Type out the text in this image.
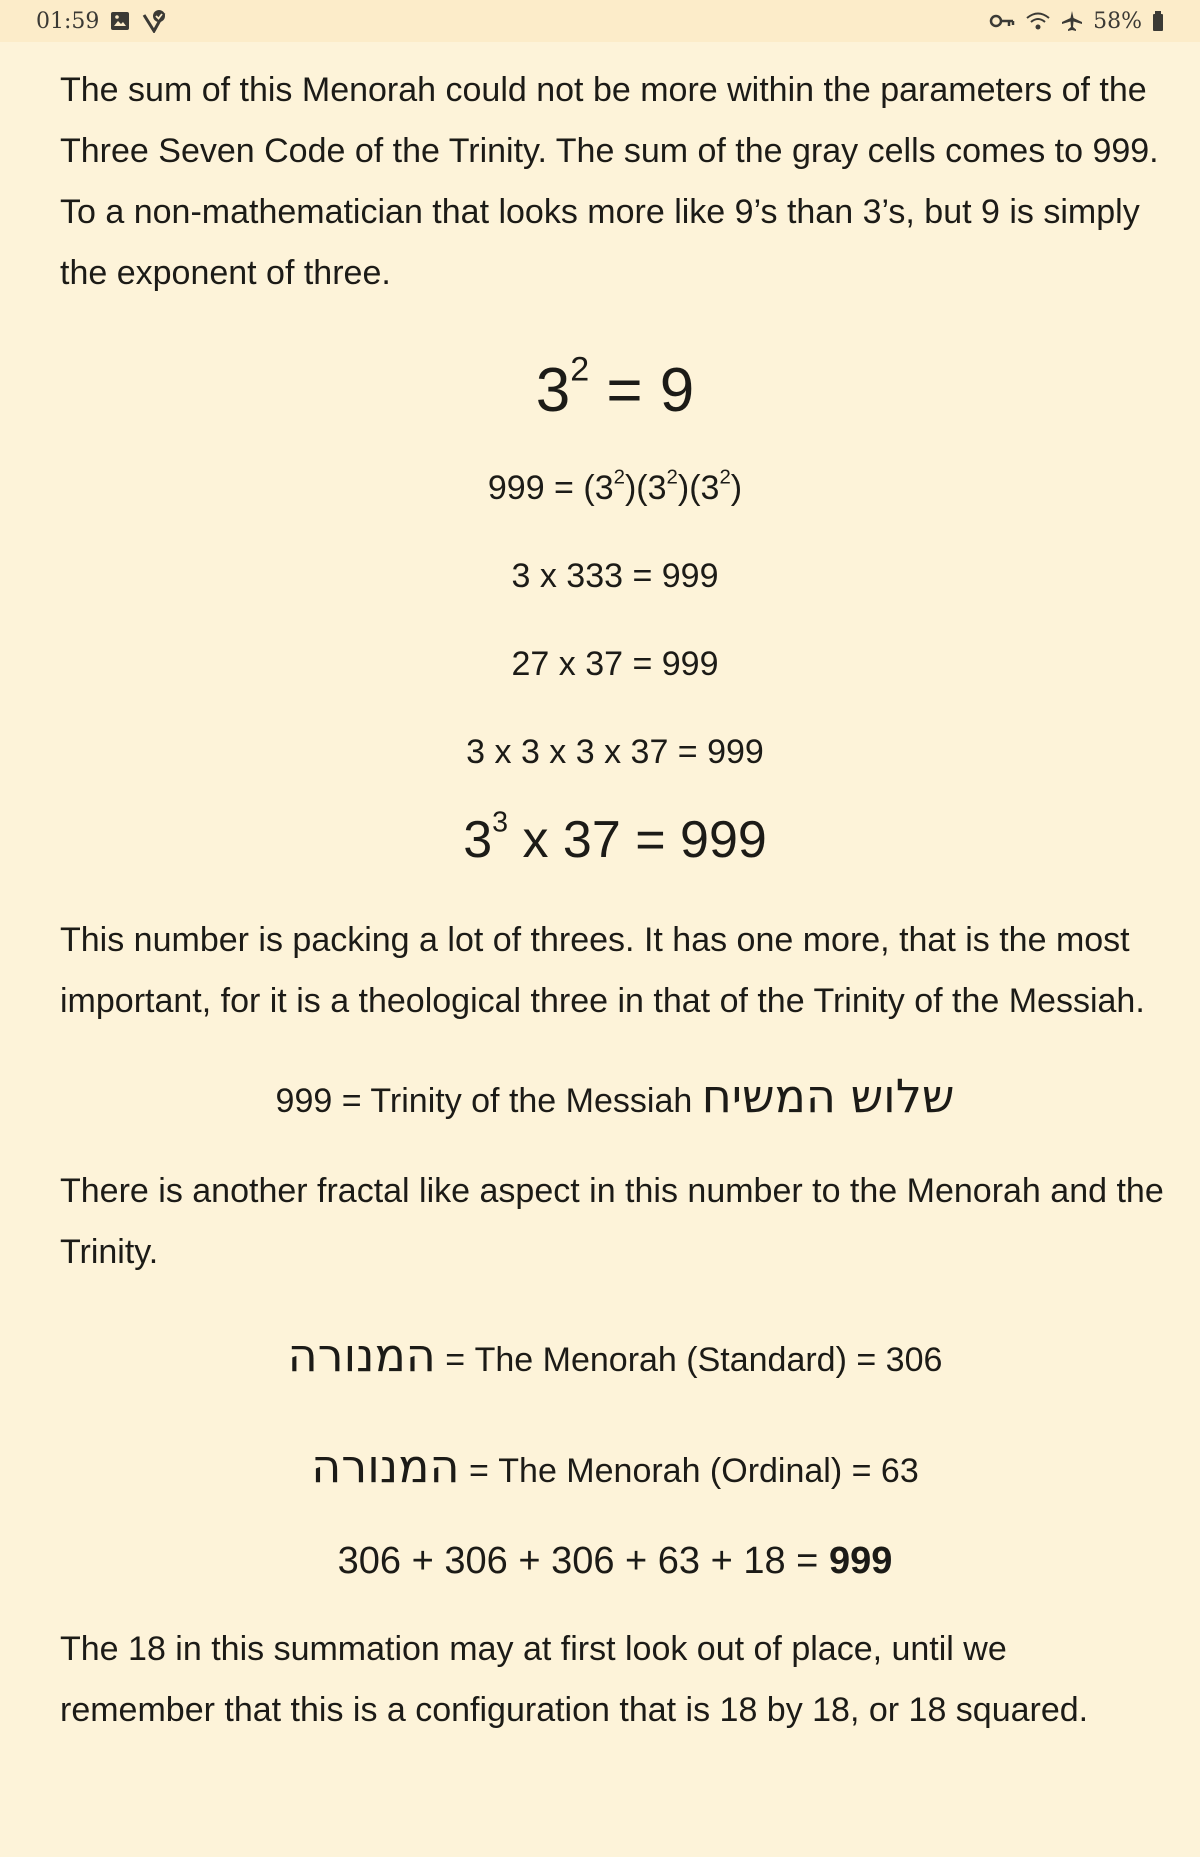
01:59	58%

The sum of this Menorah could not be more within the parameters of the Three Seven Code of the Trinity. The sum of the gray cells comes to 999. To a non-mathematician that looks more like 9’s than 3’s, but 9 is simply the exponent of three.

$3^2 = 9$

$999 = (3^2)(3^2)(3^2)$

3 x 333 = 999

27 x 37 = 999

3 x 3 x 3 x 37 = 999

$3^3$ x 37 = 999

This number is packing a lot of threes. It has one more, that is the most important, for it is a theological three in that of the Trinity of the Messiah.

999 = Trinity of the Messiah שלוש המשיח

There is another fractal like aspect in this number to the Menorah and the Trinity.

המנורה = The Menorah (Standard) = 306

המנורה = The Menorah (Ordinal) = 63

306 + 306 + 306 + 63 + 18 = 999

The 18 in this summation may at first look out of place, until we remember that this is a configuration that is 18 by 18, or 18 squared.
